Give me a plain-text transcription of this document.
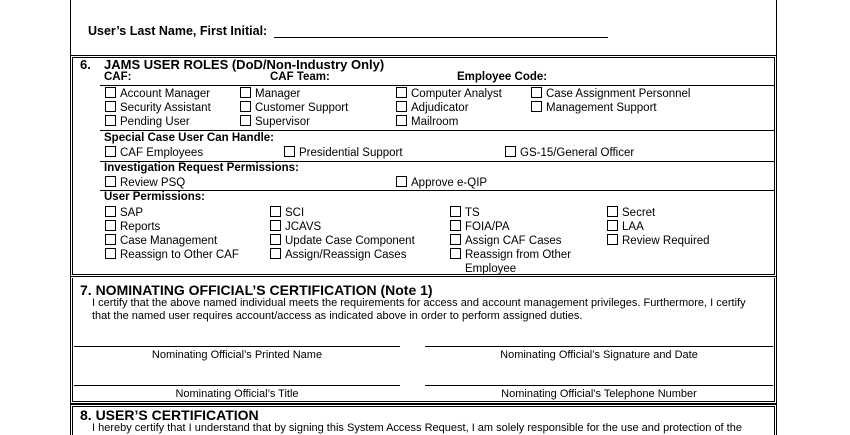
User’s Last Name, First Initial:
6. JAMS USER ROLES (DoD/Non-Industry Only)
CAF:	CAF Team:	Employee Code:
Account Manager
Security Assistant
Pending User
Manager
Customer Support
Supervisor
Computer Analyst
Adjudicator
Mailroom
Case Assignment Personnel
Management Support
Special Case User Can Handle:
CAF Employees	Presidential Support	GS-15/General Officer
Investigation Request Permissions:
Review PSQ	Approve e-QIP
User Permissions:
SAP
Reports
Case Management
Reassign to Other CAF
SCI
JCAVS
Update Case Component
Assign/Reassign Cases
TS
FOIA/PA
Assign CAF Cases
Reassign from Other
Employee
Secret
LAA
Review Required
7. NOMINATING OFFICIAL’S CERTIFICATION (Note 1)
I certify that the above named individual meets the requirements for access and account management privileges. Furthermore, I certify
that the named user requires account/access as indicated above in order to perform assigned duties.
Nominating Official’s Printed Name	Nominating Official’s Signature and Date
Nominating Official’s Title	Nominating Official’s Telephone Number
8. USER’S CERTIFICATION
I hereby certify that I understand that by signing this System Access Request, I am solely responsible for the use and protection of the
